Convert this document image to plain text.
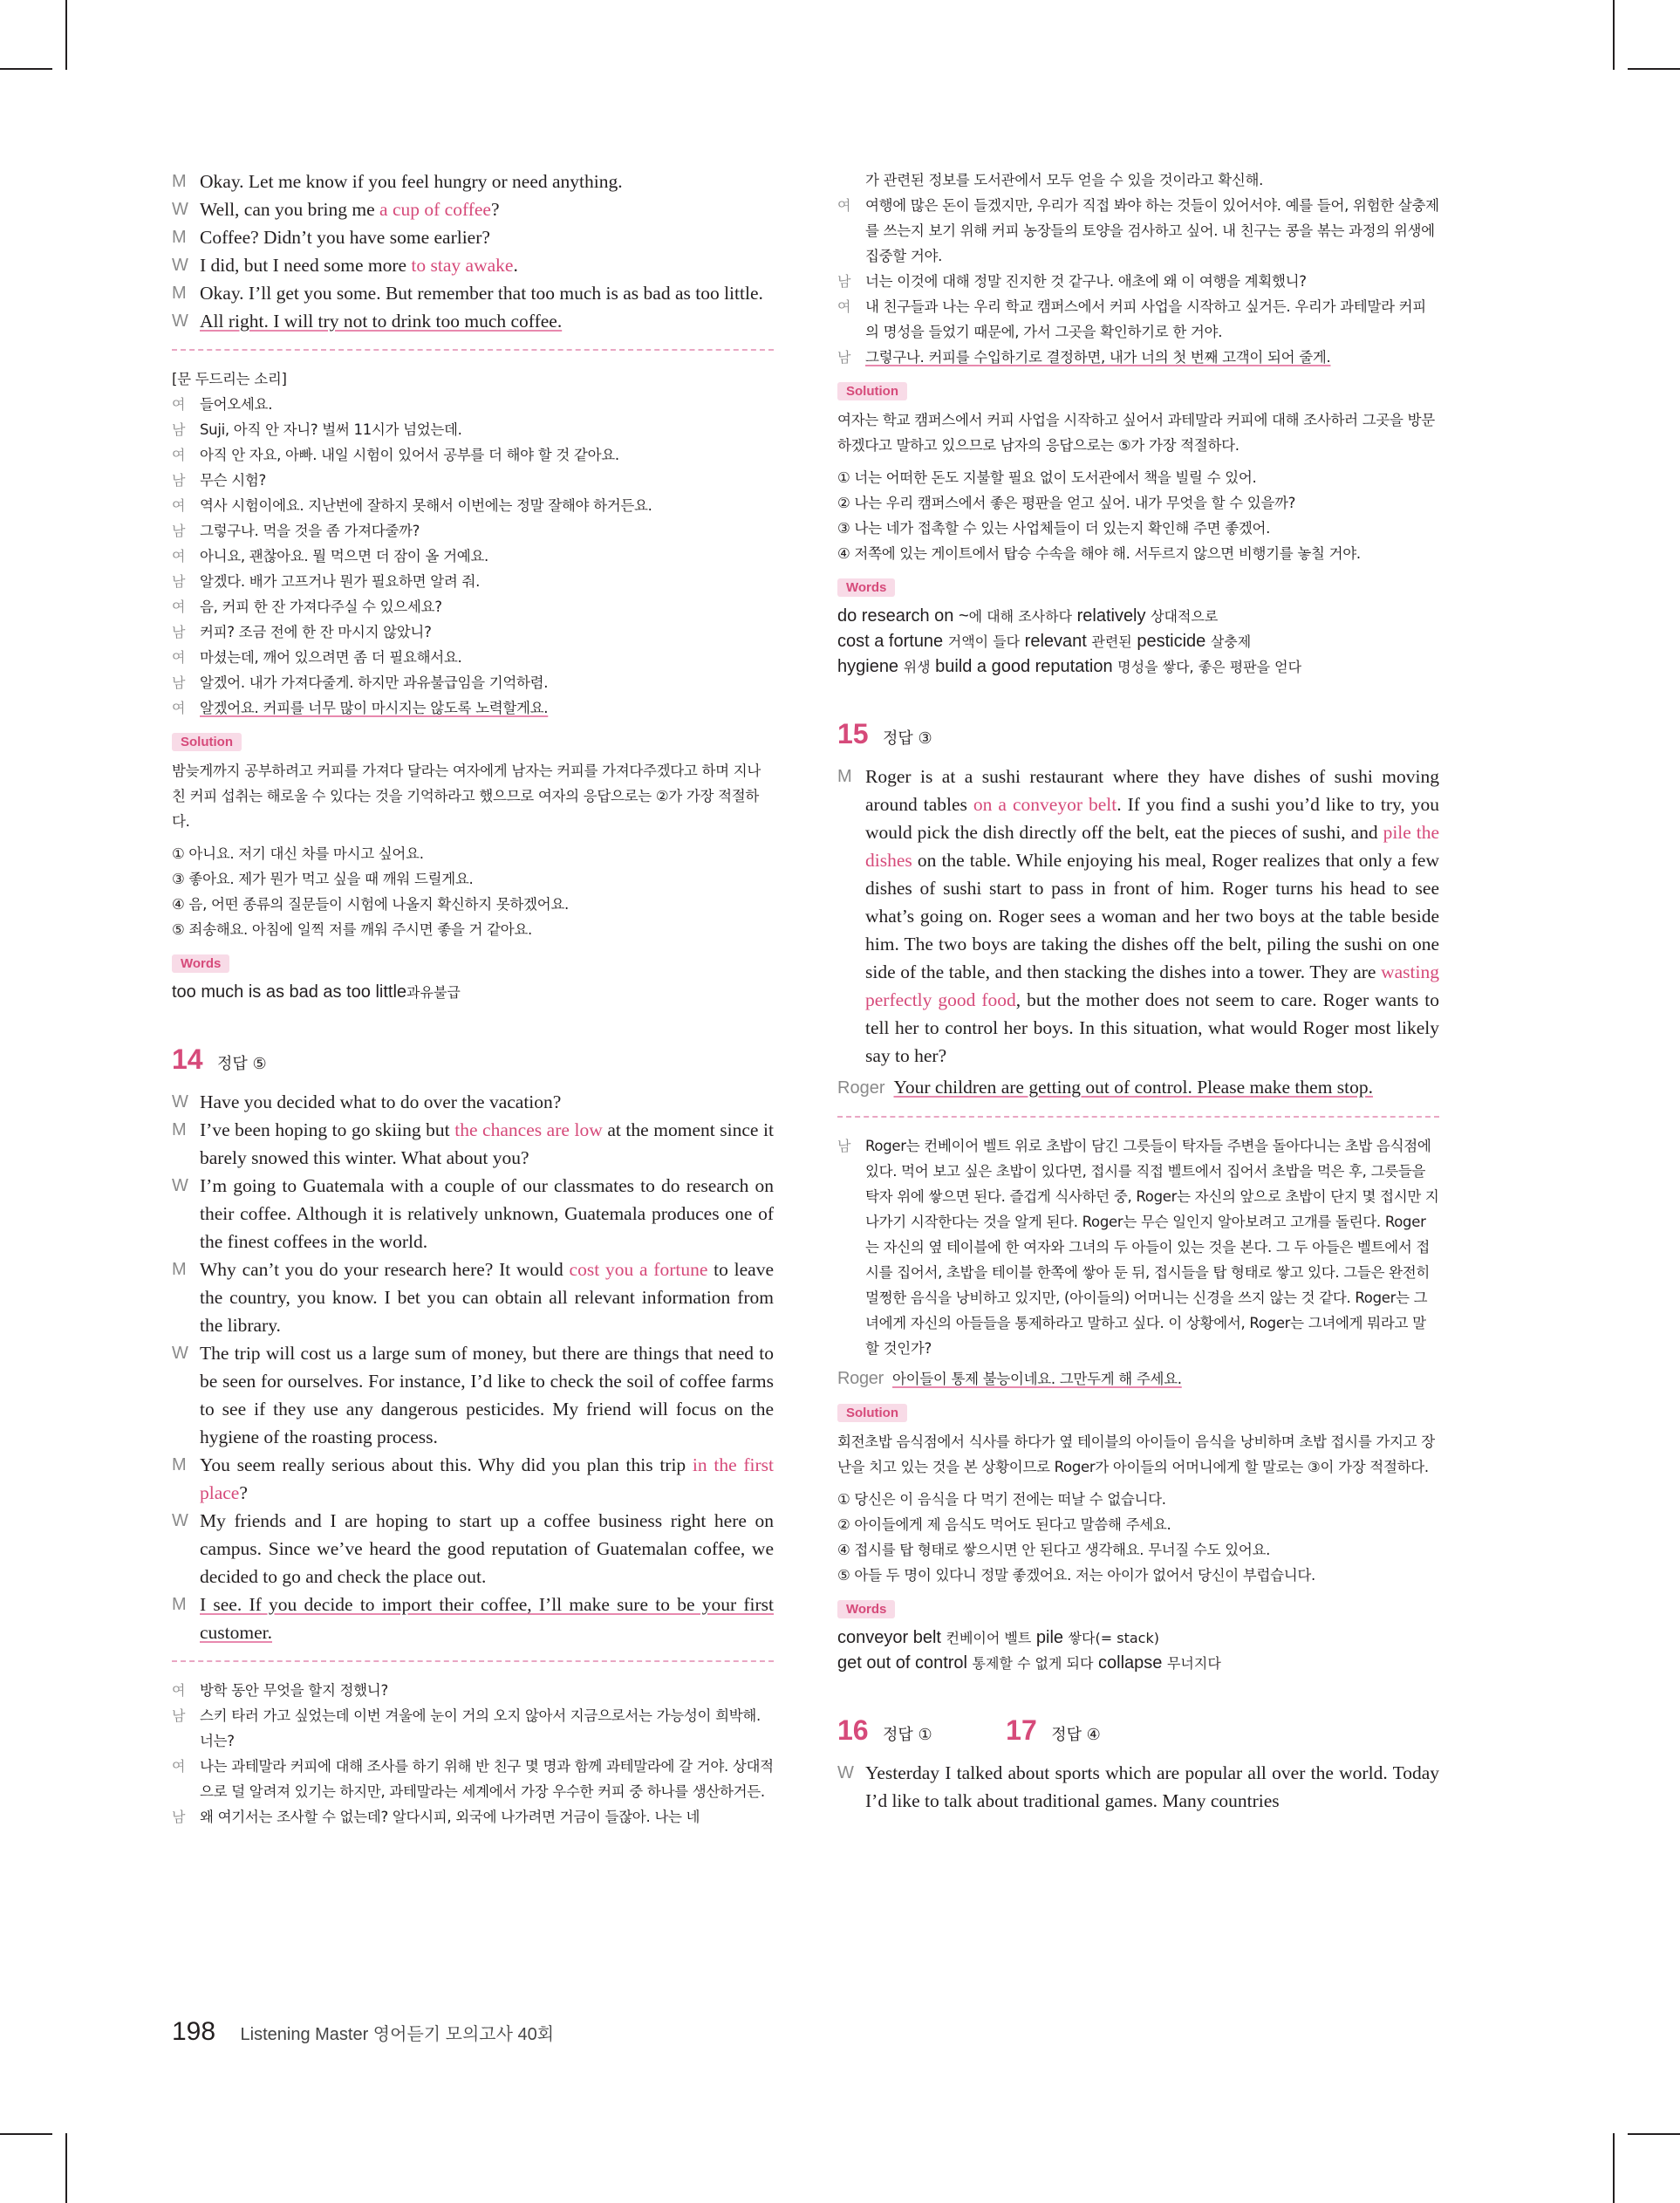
M Okay. Let me know if you feel hungry or need anything.
W Well, can you bring me a cup of coffee?
M Coffee? Didn’t you have some earlier?
W I did, but I need some more to stay awake.
M Okay. I’ll get you some. But remember that too much is as bad as too little.
W All right. I will try not to drink too much coffee.
[문 두드리는 소리]
여 들어오세요.
남 Suji, 아직 안 자니? 벌써 11시가 넘었는데.
여 아직 안 자요, 아빠. 내일 시험이 있어서 공부를 더 해야 할 것 같아요.
남 무슨 시험?
여 역사 시험이에요. 지난번에 잘하지 못해서 이번에는 정말 잘해야 하거든요.
남 그렇구나. 먹을 것을 좀 가져다줄까?
여 아니요, 괜찮아요. 뭘 먹으면 더 잠이 올 거예요.
남 알겠다. 배가 고프거나 뭔가 필요하면 알려 줘.
여 음, 커피 한 잔 가져다주실 수 있으세요?
남 커피? 조금 전에 한 잔 마시지 않았니?
여 마셨는데, 깨어 있으려면 좀 더 필요해서요.
남 알겠어. 내가 가져다줄게. 하지만 과유불급임을 기억하렴.
여 알겠어요. 커피를 너무 많이 마시지는 않도록 노력할게요.
Solution
밤늦게까지 공부하려고 커피를 가져다 달라는 여자에게 남자는 커피를 가져다주겠다고 하며 지나친 커피 섭취는 해로울 수 있다는 것을 기억하라고 했으므로 여자의 응답으로는 ②가 가장 적절하다.
① 아니요. 저기 대신 차를 마시고 싶어요.
③ 좋아요. 제가 뭔가 먹고 싶을 때 깨워 드릴게요.
④ 음, 어떤 종류의 질문들이 시험에 나올지 확신하지 못하겠어요.
⑤ 죄송해요. 아침에 일찍 저를 깨워 주시면 좋을 거 같아요.
Words
too much is as bad as too little과유불급
14 정답 ⑤
W Have you decided what to do over the vacation?
M I’ve been hoping to go skiing but the chances are low at the moment since it barely snowed this winter. What about you?
W I’m going to Guatemala with a couple of our classmates to do research on their coffee. Although it is relatively unknown, Guatemala produces one of the finest coffees in the world.
M Why can’t you do your research here? It would cost you a fortune to leave the country, you know. I bet you can obtain all relevant information from the library.
W The trip will cost us a large sum of money, but there are things that need to be seen for ourselves. For instance, I’d like to check the soil of coffee farms to see if they use any dangerous pesticides. My friend will focus on the hygiene of the roasting process.
M You seem really serious about this. Why did you plan this trip in the first place?
W My friends and I are hoping to start up a coffee business right here on campus. Since we’ve heard the good reputation of Guatemalan coffee, we decided to go and check the place out.
M I see. If you decide to import their coffee, I’ll make sure to be your first customer.
여 방학 동안 무엇을 할지 정했니?
남 스키 타러 가고 싶었는데 이번 겨울에 눈이 거의 오지 않아서 지금으로서는 가능성이 희박해. 너는?
여 나는 과테말라 커피에 대해 조사를 하기 위해 반 친구 몇 명과 함께 과테말라에 갈 거야. 상대적으로 덜 알려져 있기는 하지만, 과테말라는 세계에서 가장 우수한 커피 중 하나를 생산하거든.
남 왜 여기서는 조사할 수 없는데? 알다시피, 외국에 나가려면 거금이 들잖아. 나는 네
가 관련된 정보를 도서관에서 모두 얻을 수 있을 것이라고 확신해.
여 여행에 많은 돈이 들겠지만, 우리가 직접 봐야 하는 것들이 있어서야. 예를 들어, 위험한 살충제를 쓰는지 보기 위해 커피 농장들의 토양을 검사하고 싶어. 내 친구는 콩을 볶는 과정의 위생에 집중할 거야.
남 너는 이것에 대해 정말 진지한 것 같구나. 애초에 왜 이 여행을 계획했니?
여 내 친구들과 나는 우리 학교 캠퍼스에서 커피 사업을 시작하고 싶거든. 우리가 과테말라 커피의 명성을 들었기 때문에, 가서 그곳을 확인하기로 한 거야.
남 그렇구나. 커피를 수입하기로 결정하면, 내가 너의 첫 번째 고객이 되어 줄게.
Solution
여자는 학교 캠퍼스에서 커피 사업을 시작하고 싶어서 과테말라 커피에 대해 조사하러 그곳을 방문하겠다고 말하고 있으므로 남자의 응답으로는 ⑤가 가장 적절하다.
① 너는 어떠한 돈도 지불할 필요 없이 도서관에서 책을 빌릴 수 있어.
② 나는 우리 캠퍼스에서 좋은 평판을 얻고 싶어. 내가 무엇을 할 수 있을까?
③ 나는 네가 접촉할 수 있는 사업체들이 더 있는지 확인해 주면 좋겠어.
④ 저쪽에 있는 게이트에서 탑승 수속을 해야 해. 서두르지 않으면 비행기를 놓칠 거야.
Words
do research on ~에 대해 조사하다 relatively 상대적으로
cost a fortune 거액이 들다 relevant 관련된 pesticide 살충제
hygiene 위생 build a good reputation 명성을 쌓다, 좋은 평판을 얻다
15 정답 ③
M Roger is at a sushi restaurant where they have dishes of sushi moving around tables on a conveyor belt. If you find a sushi you’d like to try, you would pick the dish directly off the belt, eat the pieces of sushi, and pile the dishes on the table. While enjoying his meal, Roger realizes that only a few dishes of sushi start to pass in front of him. Roger turns his head to see what’s going on. Roger sees a woman and her two boys at the table beside him. The two boys are taking the dishes off the belt, piling the sushi on one side of the table, and then stacking the dishes into a tower. They are wasting perfectly good food, but the mother does not seem to care. Roger wants to tell her to control her boys. In this situation, what would Roger most likely say to her?
Roger Your children are getting out of control. Please make them stop.
남 Roger는 컨베이어 벨트 위로 초밥이 담긴 그릇들이 탁자들 주변을 돌아다니는 초밥 음식점에 있다. 먹어 보고 싶은 초밥이 있다면, 접시를 직접 벨트에서 집어서 초밥을 먹은 후, 그릇들을 탁자 위에 쌓으면 된다. 즐겁게 식사하던 중, Roger는 자신의 앞으로 초밥이 단지 몇 접시만 지나가기 시작한다는 것을 알게 된다. Roger는 무슨 일인지 알아보려고 고개를 돌린다. Roger는 자신의 옆 테이블에 한 여자와 그녀의 두 아들이 있는 것을 본다. 그 두 아들은 벨트에서 접시를 집어서, 초밥을 테이블 한쪽에 쌓아 둔 뒤, 접시들을 탑 형태로 쌓고 있다. 그들은 완전히 멀쩡한 음식을 낭비하고 있지만, (아이들의) 어머니는 신경을 쓰지 않는 것 같다. Roger는 그녀에게 자신의 아들들을 통제하라고 말하고 싶다. 이 상황에서, Roger는 그녀에게 뭐라고 말할 것인가?
Roger 아이들이 통제 불능이네요. 그만두게 해 주세요.
Solution
회전초밥 음식점에서 식사를 하다가 옆 테이블의 아이들이 음식을 낭비하며 초밥 접시를 가지고 장난을 치고 있는 것을 본 상황이므로 Roger가 아이들의 어머니에게 할 말로는 ③이 가장 적절하다.
① 당신은 이 음식을 다 먹기 전에는 떠날 수 없습니다.
② 아이들에게 제 음식도 먹어도 된다고 말씀해 주세요.
④ 접시를 탑 형태로 쌓으시면 안 된다고 생각해요. 무너질 수도 있어요.
⑤ 아들 두 명이 있다니 정말 좋겠어요. 저는 아이가 없어서 당신이 부럽습니다.
Words
conveyor belt 컨베이어 벨트 pile 쌓다(= stack)
get out of control 통제할 수 없게 되다 collapse 무너지다
16 정답 ①	17 정답 ④
W Yesterday I talked about sports which are popular all over the world. Today I’d like to talk about traditional games. Many countries
198 Listening Master 영어듣기 모의고사 40회
